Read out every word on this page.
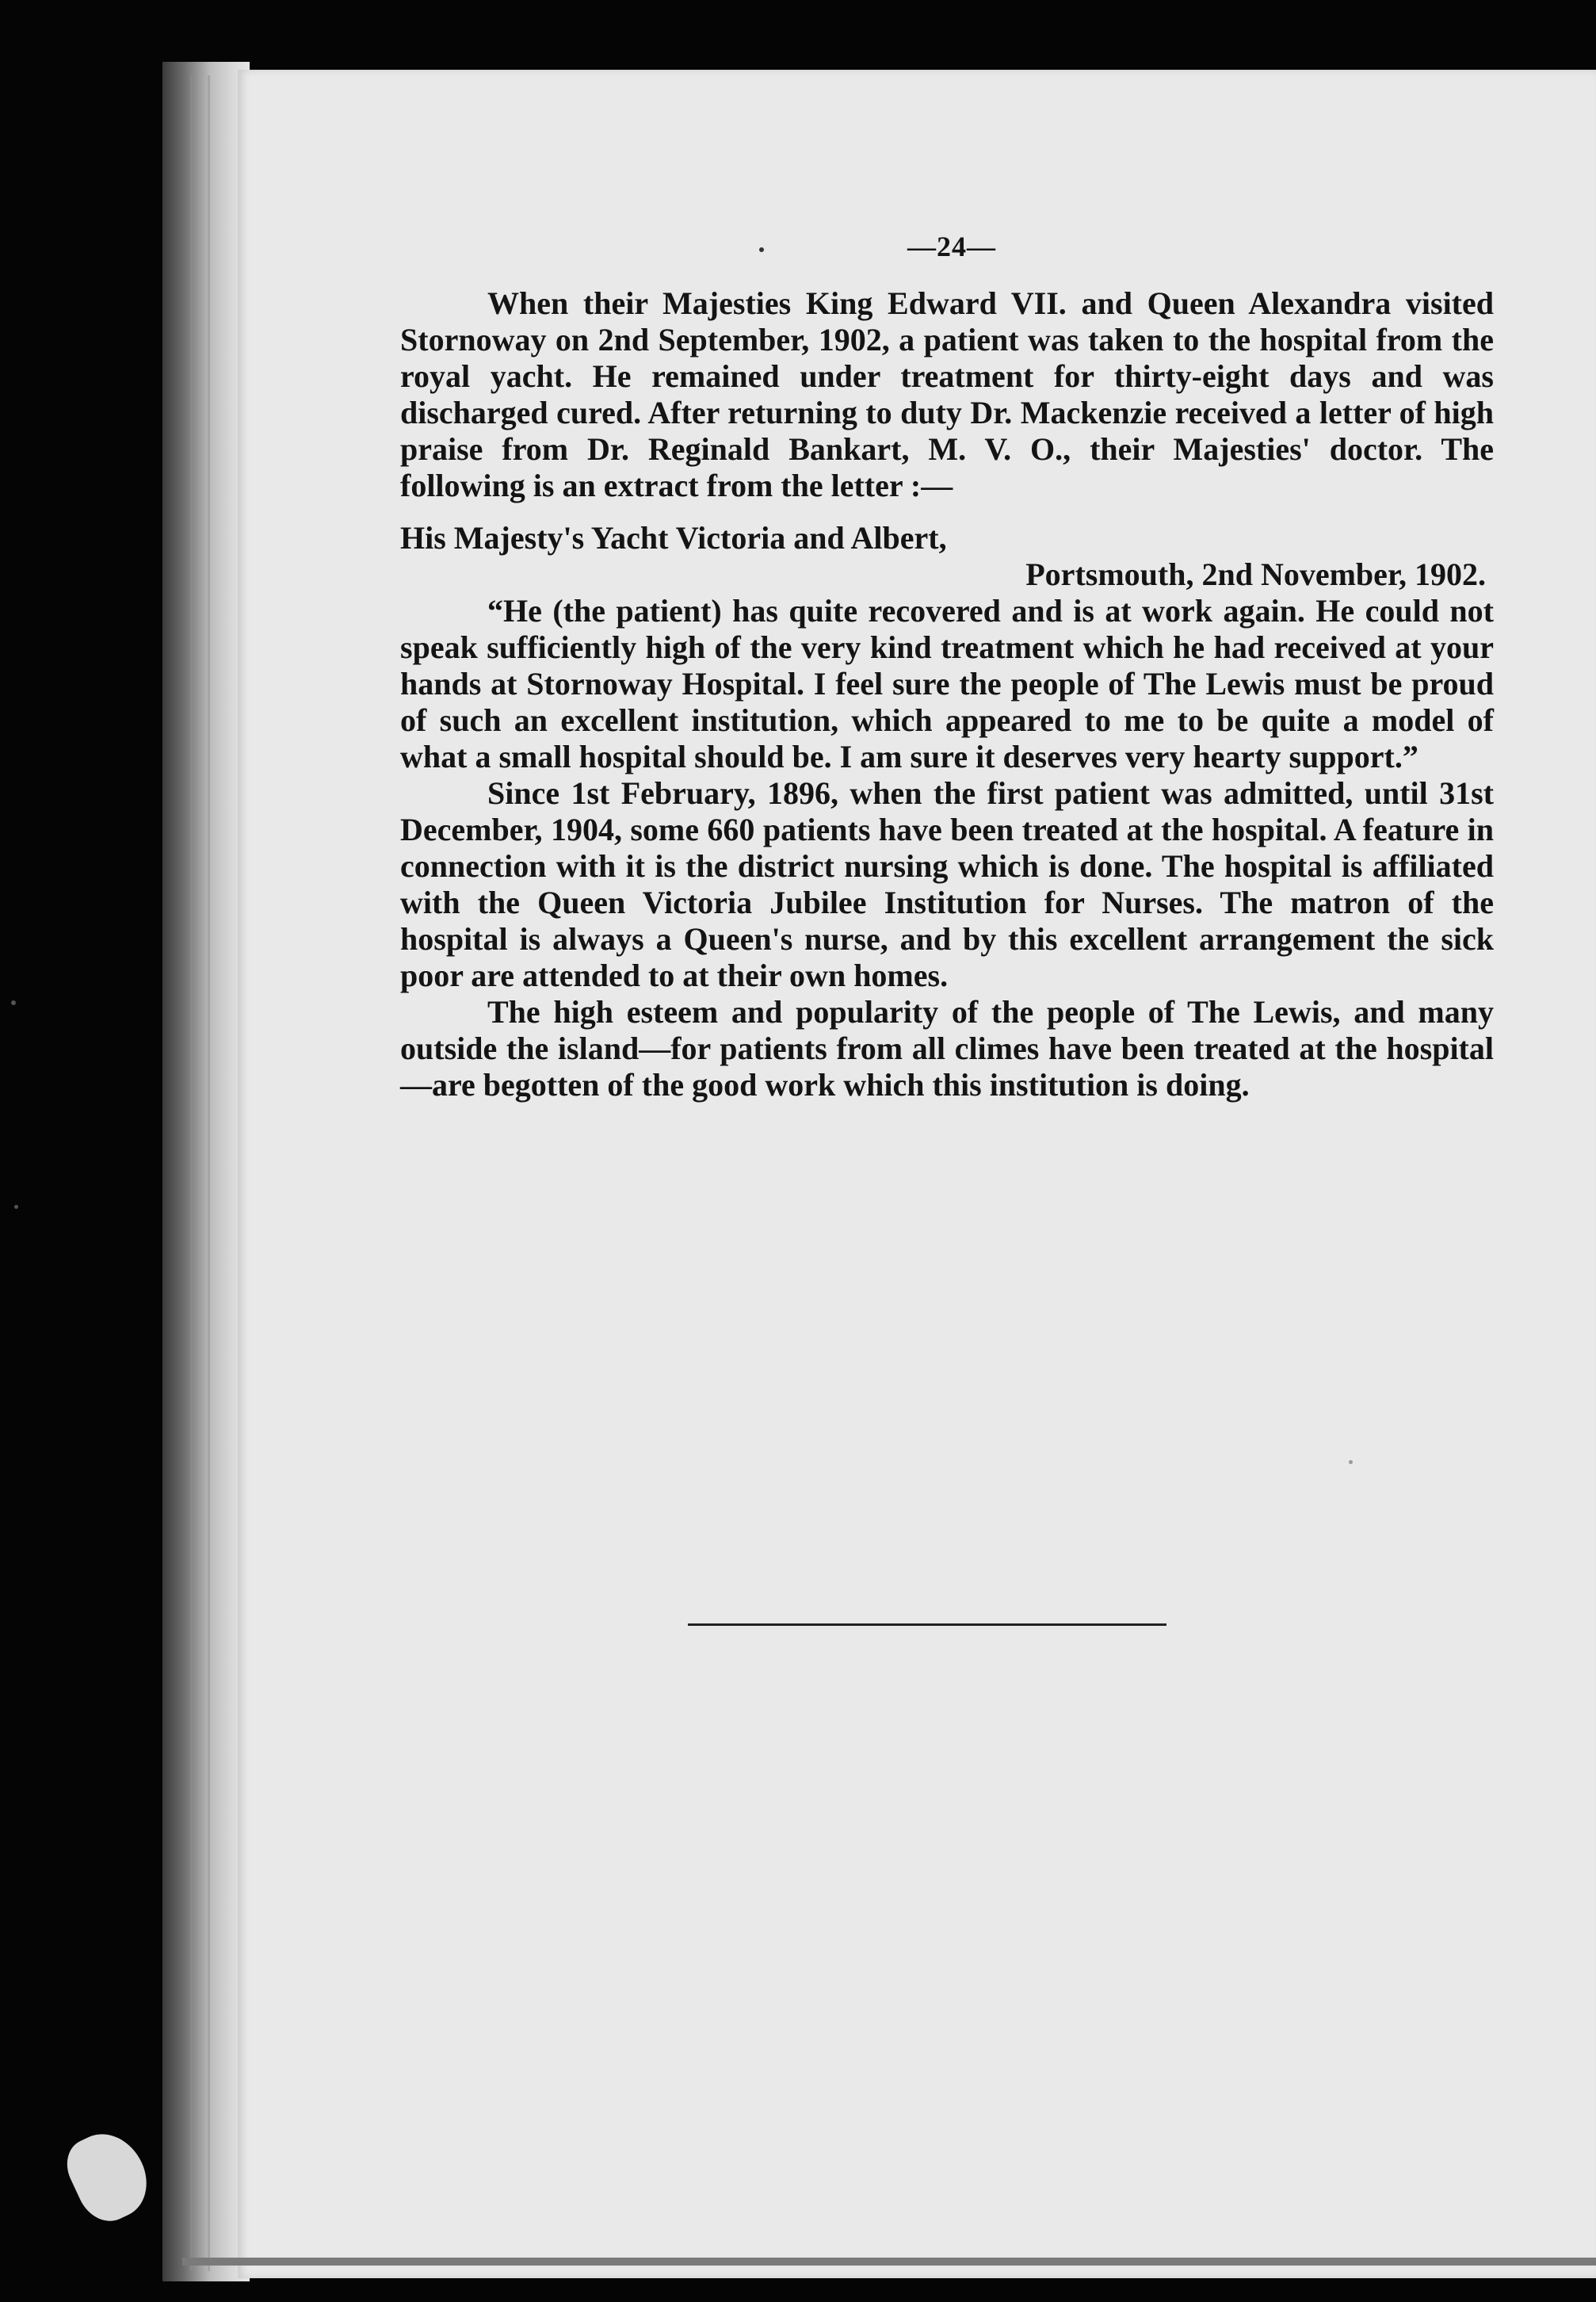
—24—

When their Majesties King Edward VII. and Queen Alexandra visited Stornoway on 2nd September, 1902, a patient was taken to the hospital from the royal yacht. He remained under treatment for thirty-eight days and was discharged cured. After returning to duty Dr. Mackenzie received a letter of high praise from Dr. Reginald Bankart, M. V. O., their Majesties' doctor. The following is an extract from the letter :—

His Majesty's Yacht Victoria and Albert,
Portsmouth, 2nd November, 1902.

“He (the patient) has quite recovered and is at work again. He could not speak sufficiently high of the very kind treatment which he had received at your hands at Stornoway Hospital. I feel sure the people of The Lewis must be proud of such an excellent institution, which appeared to me to be quite a model of what a small hospital should be. I am sure it deserves very hearty support.”

Since 1st February, 1896, when the first patient was admitted, until 31st December, 1904, some 660 patients have been treated at the hospital. A feature in connection with it is the district nursing which is done. The hospital is affiliated with the Queen Victoria Jubilee Institution for Nurses. The matron of the hospital is always a Queen's nurse, and by this excellent arrangement the sick poor are attended to at their own homes.

The high esteem and popularity of the people of The Lewis, and many outside the island—for patients from all climes have been treated at the hospital—are begotten of the good work which this institution is doing.
